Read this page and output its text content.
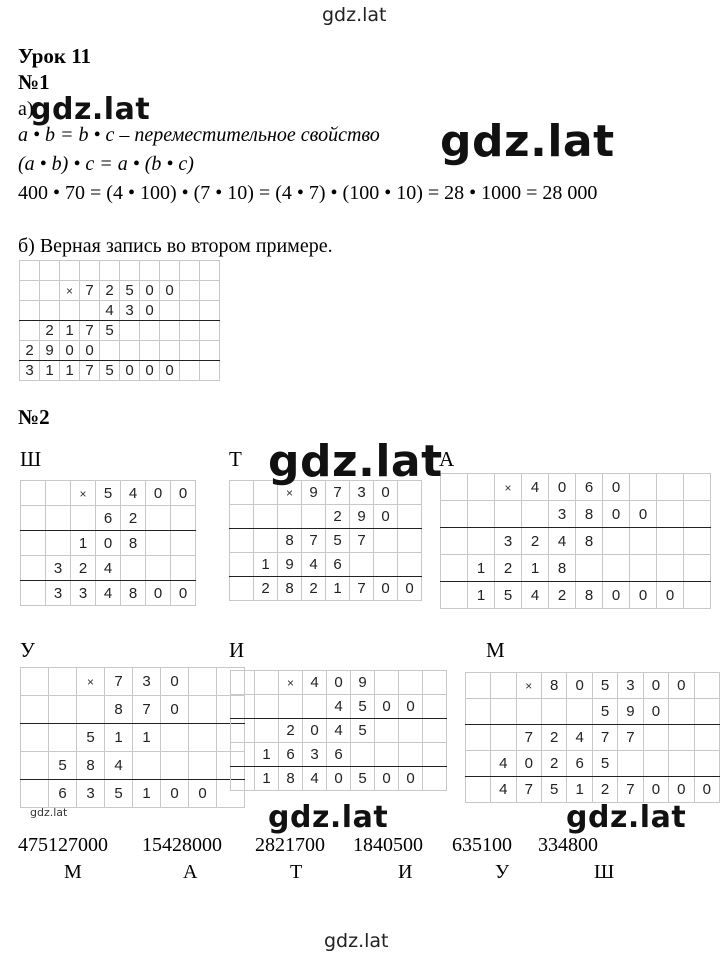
gdz.lat
gdz.lat
Урок 11
№1
а)
a • b = b • c – переместительное свойство
(a • b) • c = a • (b • c)
400 • 70 = (4 • 100) • (7 • 10) = (4 • 7) • (100 • 10) = 28 • 1000 = 28 000
б) Верная запись во втором примере.

		×	7	2	5	0	0		
				4	3	0			
	2	1	7	5					
2	9	0	0						
3	1	1	7	5	0	0	0		
№2
Ш	Т	А
У	И	М
		×	5	4	0	0
			6	2		
		1	0	8		
	3	2	4			
	3	3	4	8	0	0
		×	9	7	3	0	
				2	9	0	
		8	7	5	7		
	1	9	4	6			
	2	8	2	1	7	0	0
		×	4	0	6	0			
				3	8	0	0		
		3	2	4	8				
	1	2	1	8					
	1	5	4	2	8	0	0	0	
		×	7	3	0		
			8	7	0		
		5	1	1			
	5	8	4				
	6	3	5	1	0	0	
		×	4	0	9			
				4	5	0	0	
		2	0	4	5			
	1	6	3	6				
	1	8	4	0	5	0	0	
		×	8	0	5	3	0	0	
					5	9	0		
		7	2	4	7	7			
	4	0	2	6	5				
	4	7	5	1	2	7	0	0	0
475127000 15428000 2821700 1840500 635100 334800
М	А	Т	И	У	Ш
gdz.lat
gdz.lat
gdz.lat
gdz.lat	gdz.lat
gdz.lat
